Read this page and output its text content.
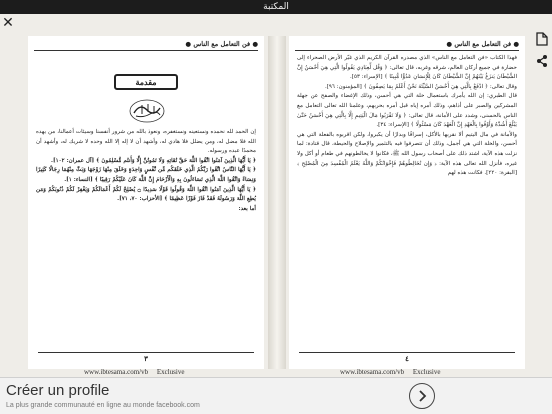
المكتبة
✕
● فن التعامل مع الناس ●
مقدمة

إن الحمد لله نحمده ونستعينه ونستغفره، ونعوذ بالله من شرور أنفسنا وسيئات أعمالنا، من يهده الله فلا مضل له، ومن يضلل فلا هادي له، وأشهد أن لا إله إلا الله وحده لا شريك له، وأشهد أن محمدًا عبده ورسوله.

﴿ يَا أَيُّهَا الَّذِينَ آمَنُوا اتَّقُوا اللَّهَ حَقَّ تُقَاتِهِ وَلَا تَمُوتُنَّ إِلَّا وَأَنتُم مُّسْلِمُونَ ﴾ [آل عمران: ١٠٢].

﴿ يَا أَيُّهَا النَّاسُ اتَّقُوا رَبَّكُمُ الَّذِي خَلَقَكُم مِّن نَّفْسٍ وَاحِدَةٍ وَخَلَقَ مِنْهَا زَوْجَهَا وَبَثَّ مِنْهُمَا رِجَالًا كَثِيرًا وَنِسَاءً وَاتَّقُوا اللَّهَ الَّذِي تَسَاءَلُونَ بِهِ وَالْأَرْحَامَ إِنَّ اللَّهَ كَانَ عَلَيْكُمْ رَقِيبًا ﴾ [النساء: ١].

﴿ يَا أَيُّهَا الَّذِينَ آمَنُوا اتَّقُوا اللَّهَ وَقُولُوا قَوْلًا سَدِيدًا ۝ يُصْلِحْ لَكُمْ أَعْمَالَكُمْ وَيَغْفِرْ لَكُمْ ذُنُوبَكُمْ وَمَن يُطِعِ اللَّهَ وَرَسُولَهُ فَقَدْ فَازَ فَوْزًا عَظِيمًا ﴾ [الأحزاب: ٧٠، ٧١].

أما بعد:

٣
● فن التعامل مع الناس ●

فهذا الكتاب «فن التعامل مع الناس» الذي مصدره القرآن الكريم الذي غيّر الأرض الصحراء إلى حضارة في جميع أركان العالم، شرقه وغربه، قال تعالى: ﴿ وَقُل لِّعِبَادِي يَقُولُوا الَّتِي هِيَ أَحْسَنُ إِنَّ الشَّيْطَانَ يَنزَغُ بَيْنَهُمْ إِنَّ الشَّيْطَانَ كَانَ لِلْإِنسَانِ عَدُوًّا مُّبِينًا ﴾ [الإسراء: ٥٣].

وقال تعالى: ﴿ ادْفَعْ بِالَّتِي هِيَ أَحْسَنُ السَّيِّئَةَ نَحْنُ أَعْلَمُ بِمَا يَصِفُونَ ﴾ [المؤمنون: ٩٦].

قال الطبري: إن الله يأمرك باستعمال خلة التي هي أحسن، وذلك الإغضاء والصفح عن جهلة المشركين والصبر على أذاهم، وذلك أمره إياه قبل أمره بحربهم، وعلمنا الله تعالى التعامل مع الناس بالحسنى، وشدد على الأمانة، قال تعالى: ﴿ وَلَا تَقْرَبُوا مَالَ الْيَتِيمِ إِلَّا بِالَّتِي هِيَ أَحْسَنُ حَتَّىٰ يَبْلُغَ أَشُدَّهُ وَأَوْفُوا بِالْعَهْدِ إِنَّ الْعَهْدَ كَانَ مَسْئُولًا ﴾ [الإسراء: ٣٤].

والأمانة في مال اليتيم ألا نقربها بالأكل، إسرافًا وبدارًا أن يكبروا، ولكن اقربوه بالفعلة التي هي أحسن، والخلة التي هي أجمل، وذلك أن تتصرفوا فيه بالتثمير والإصلاح والحيطة، قال قتادة: لما نزلت هذه الآية، اشتد ذلك على أصحاب رسول الله ﷺ، فكانوا لا يخالطونهم في طعام أو أكل ولا غيره، فأنزل الله تعالى هذه الآية: ﴿ وَإِن تُخَالِطُوهُمْ فَإِخْوَانُكُمْ وَاللَّهُ يَعْلَمُ الْمُفْسِدَ مِنَ الْمُصْلِحِ ﴾ [البقرة: ٢٢٠]. فكانت هذه لهم

٤
www.ibtesama.com/vb Exclusive	www.ibtesama.com/vb Exclusive
Créer un profile
La plus grande communauté en ligne au monde facebook.com
